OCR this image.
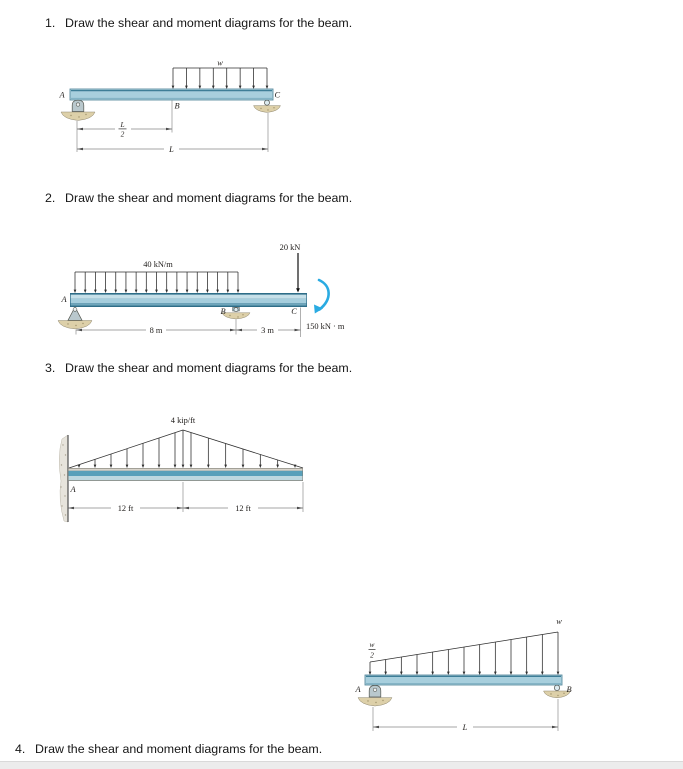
1. Draw the shear and moment diagrams for the beam.
w
A
B
C
L
2
L
2. Draw the shear and moment diagrams for the beam.
20 kN
40 kN/m
150 kN · m
A
B	C
8 m	3 m
3. Draw the shear and moment diagrams for the beam.
4 kip/ft
A
12 ft	12 ft
w
w
2
A	B
L
4. Draw the shear and moment diagrams for the beam.
